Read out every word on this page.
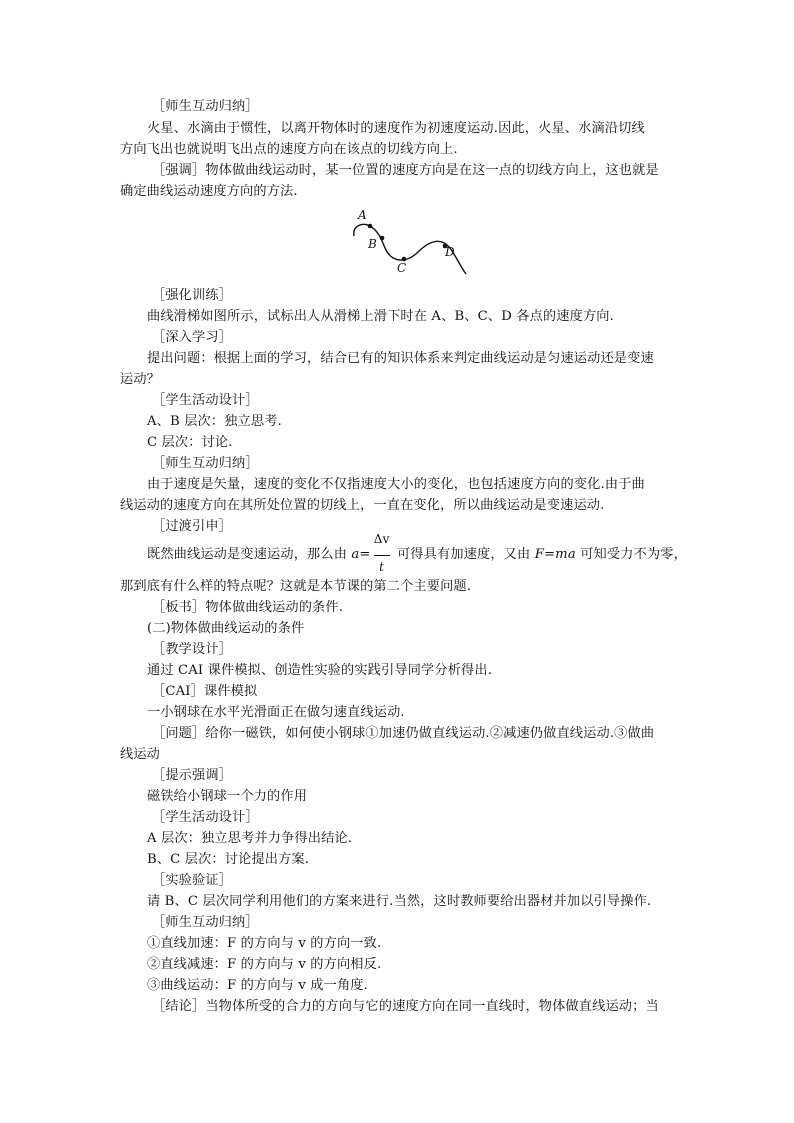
［师生互动归纳］
火星、水滴由于惯性，以离开物体时的速度作为初速度运动.因此，火星、水滴沿切线
方向飞出也就说明飞出点的速度方向在该点的切线方向上.
［强调］物体做曲线运动时，某一位置的速度方向是在这一点的切线方向上，这也就是
确定曲线运动速度方向的方法.
A
B
C
D
［强化训练］
曲线滑梯如图所示，试标出人从滑梯上滑下时在 A、B、C、D 各点的速度方向.
［深入学习］
提出问题：根据上面的学习，结合已有的知识体系来判定曲线运动是匀速运动还是变速
运动？
［学生活动设计］
A、B 层次：独立思考.
C 层次：讨论.
［师生互动归纳］
由于速度是矢量，速度的变化不仅指速度大小的变化，也包括速度方向的变化.由于曲
线运动的速度方向在其所处位置的切线上，一直在变化，所以曲线运动是变速运动.
［过渡引申］
既然曲线运动是变速运动，那么由 $a= \frac{\Delta v}{t}$ 可得具有加速度，又由 F=ma 可知受力不为零，
那到底有什么样的特点呢？这就是本节课的第二个主要问题.
［板书］物体做曲线运动的条件.
(二)物体做曲线运动的条件
［教学设计］
通过 CAI 课件模拟、创造性实验的实践引导同学分析得出.
［CAI］课件模拟
一小钢球在水平光滑面正在做匀速直线运动.
［问题］给你一磁铁，如何使小钢球①加速仍做直线运动.②减速仍做直线运动.③做曲
线运动
［提示强调］
磁铁给小钢球一个力的作用
［学生活动设计］
A 层次：独立思考并力争得出结论.
B、C 层次：讨论提出方案.
［实验验证］
请 B、C 层次同学利用他们的方案来进行.当然，这时教师要给出器材并加以引导操作.
［师生互动归纳］
①直线加速：F 的方向与 v 的方向一致.
②直线减速：F 的方向与 v 的方向相反.
③曲线运动：F 的方向与 v 成一角度.
［结论］当物体所受的合力的方向与它的速度方向在同一直线时，物体做直线运动；当
